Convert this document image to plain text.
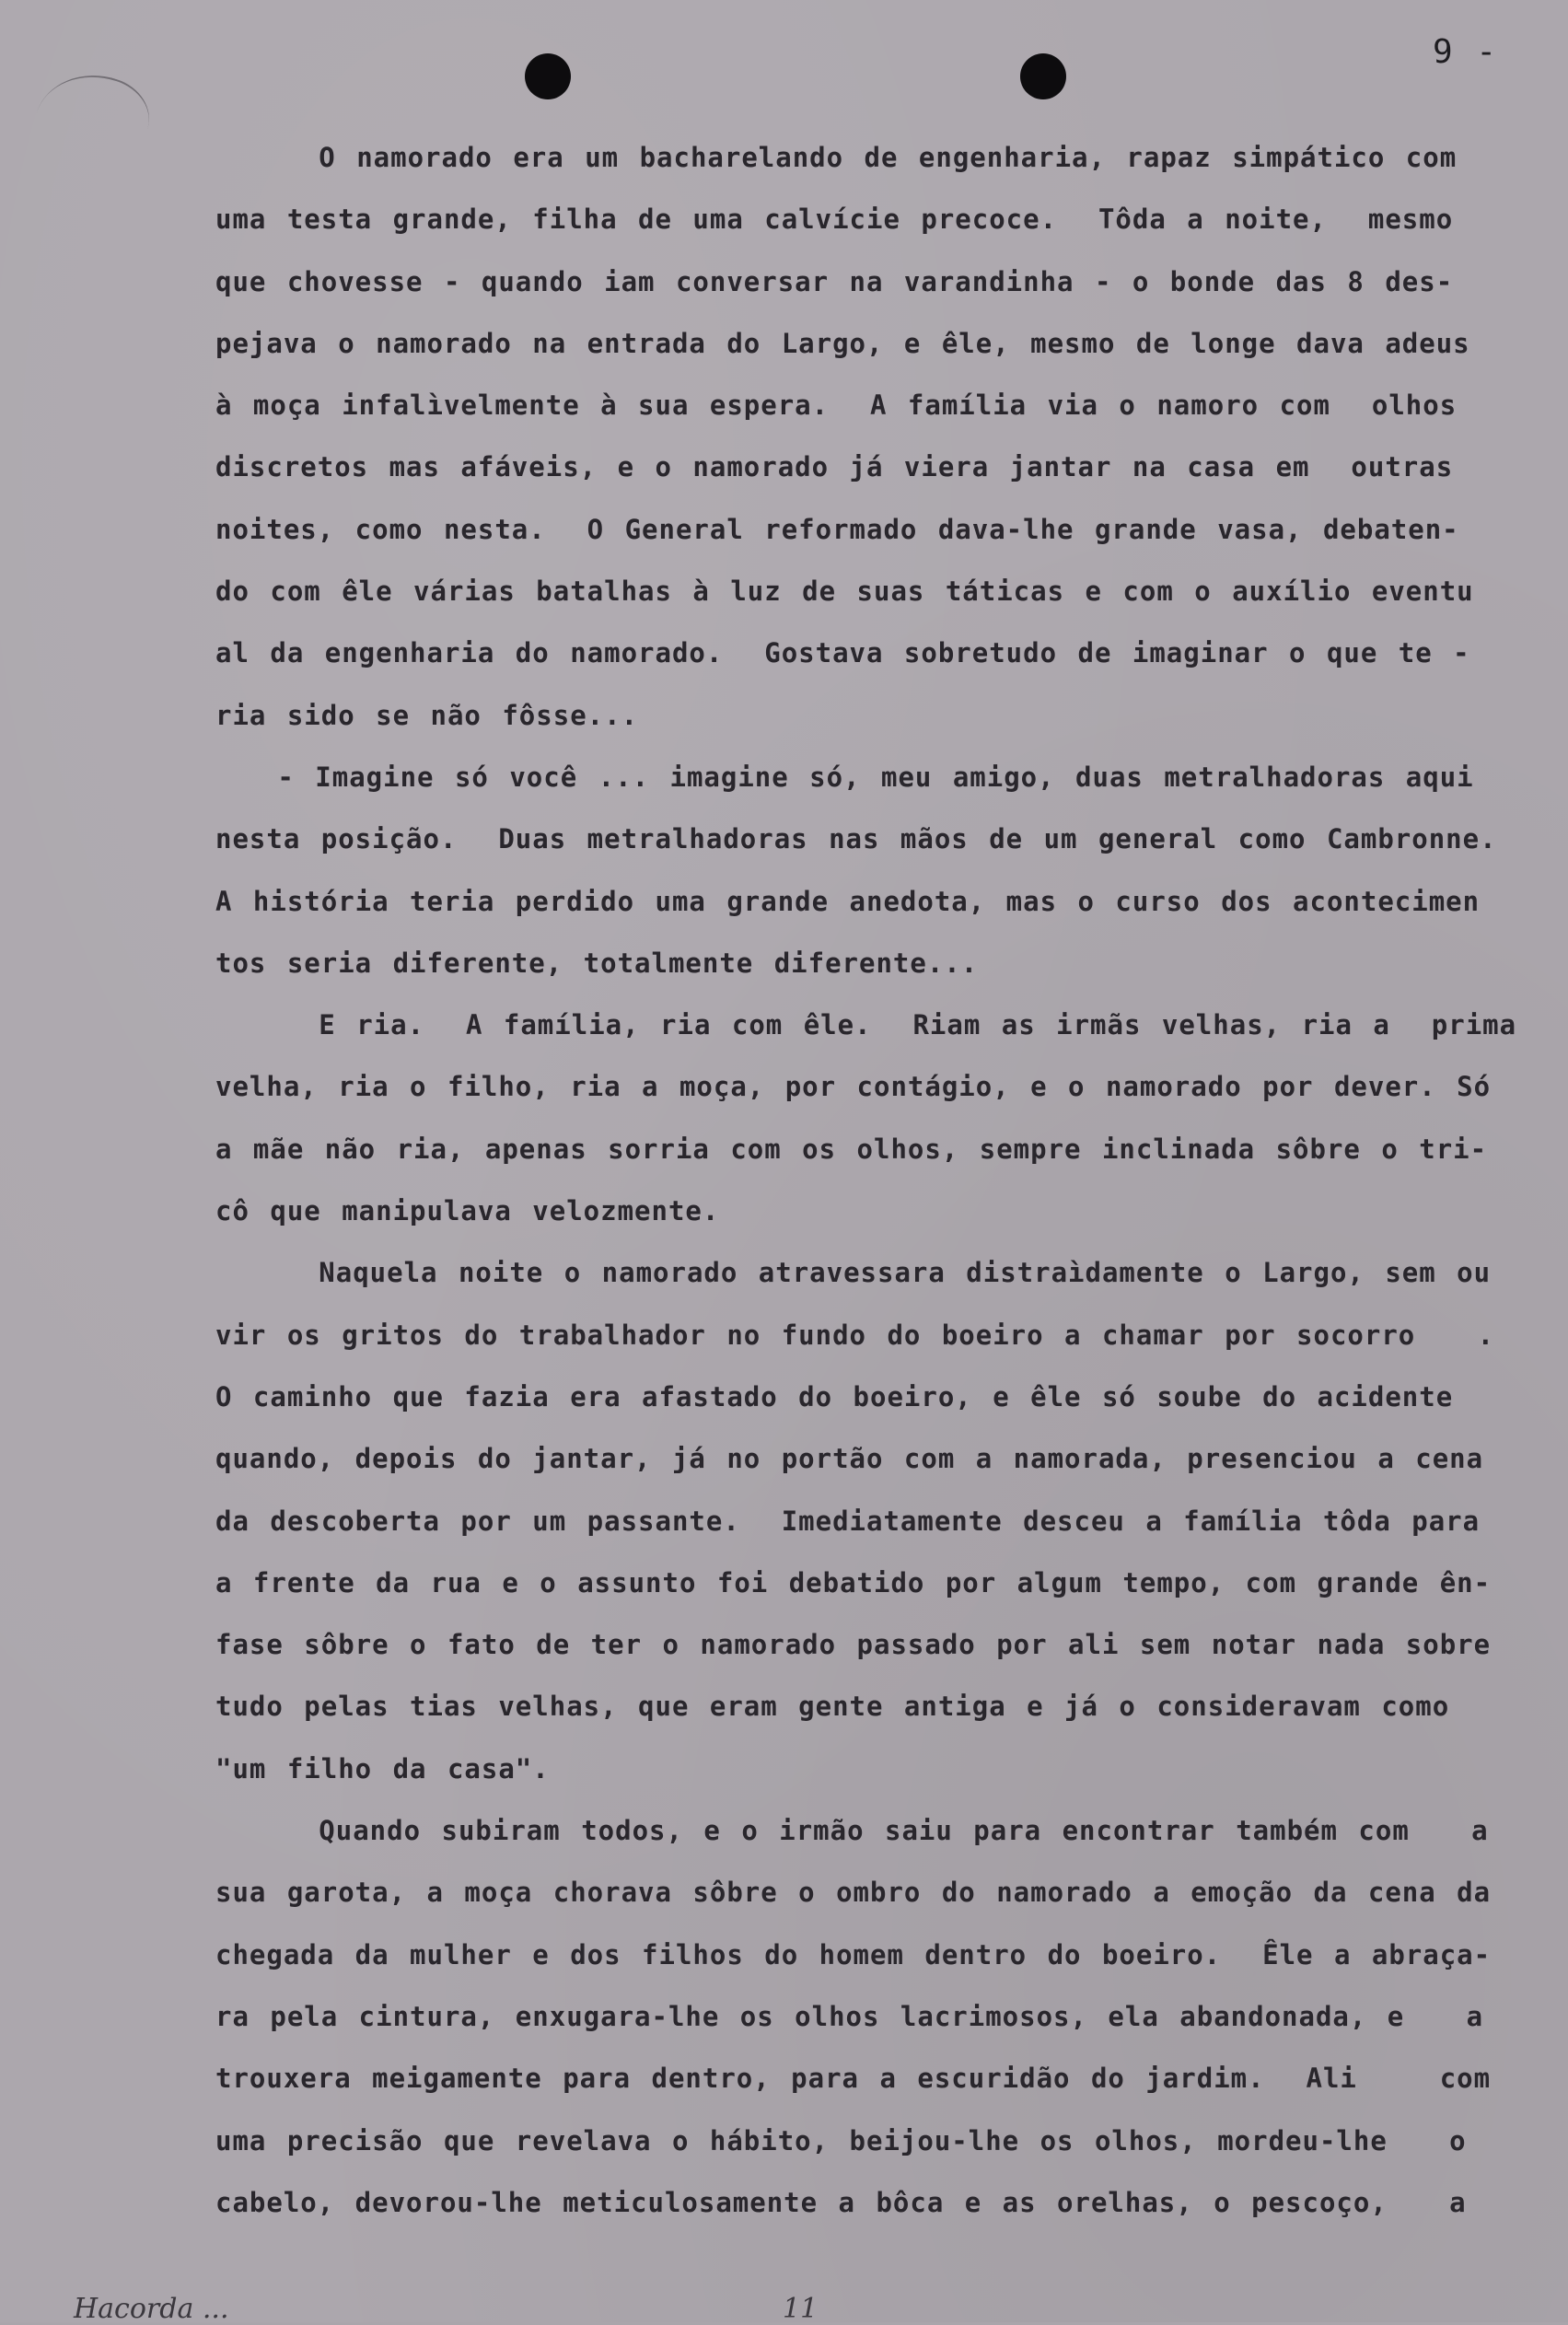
9 -
O namorado era um bacharelando de engenharia, rapaz simpático com
uma testa grande, filha de uma calvície precoce.  Tôda a noite,  mesmo
que chovesse - quando iam conversar na varandinha - o bonde das 8 des-
pejava o namorado na entrada do Largo, e êle, mesmo de longe dava adeus
à moça infalìvelmente à sua espera.  A família via o namoro com  olhos
discretos mas afáveis, e o namorado já viera jantar na casa em  outras
noites, como nesta.  O General reformado dava-lhe grande vasa, debaten-
do com êle várias batalhas à luz de suas táticas e com o auxílio eventu
al da engenharia do namorado.  Gostava sobretudo de imaginar o que te -
ria sido se não fôsse...
- Imagine só você ... imagine só, meu amigo, duas metralhadoras aqui
nesta posição.  Duas metralhadoras nas mãos de um general como Cambronne.
A história teria perdido uma grande anedota, mas o curso dos acontecimen
tos seria diferente, totalmente diferente...
E ria.  A família, ria com êle.  Riam as irmãs velhas, ria a  prima
velha, ria o filho, ria a moça, por contágio, e o namorado por dever. Só
a mãe não ria, apenas sorria com os olhos, sempre inclinada sôbre o tri-
cô que manipulava velozmente.
Naquela noite o namorado atravessara distraìdamente o Largo, sem ou
vir os gritos do trabalhador no fundo do boeiro a chamar por socorro   .
O caminho que fazia era afastado do boeiro, e êle só soube do acidente
quando, depois do jantar, já no portão com a namorada, presenciou a cena
da descoberta por um passante.  Imediatamente desceu a família tôda para
a frente da rua e o assunto foi debatido por algum tempo, com grande ên-
fase sôbre o fato de ter o namorado passado por ali sem notar nada sobre
tudo pelas tias velhas, que eram gente antiga e já o consideravam como
"um filho da casa".
Quando subiram todos, e o irmão saiu para encontrar também com   a
sua garota, a moça chorava sôbre o ombro do namorado a emoção da cena da
chegada da mulher e dos filhos do homem dentro do boeiro.  Êle a abraça-
ra pela cintura, enxugara-lhe os olhos lacrimosos, ela abandonada, e   a
trouxera meigamente para dentro, para a escuridão do jardim.  Ali    com
uma precisão que revelava o hábito, beijou-lhe os olhos, mordeu-lhe   o
cabelo, devorou-lhe meticulosamente a bôca e as orelhas, o pescoço,   a
Hacorda ...	11
